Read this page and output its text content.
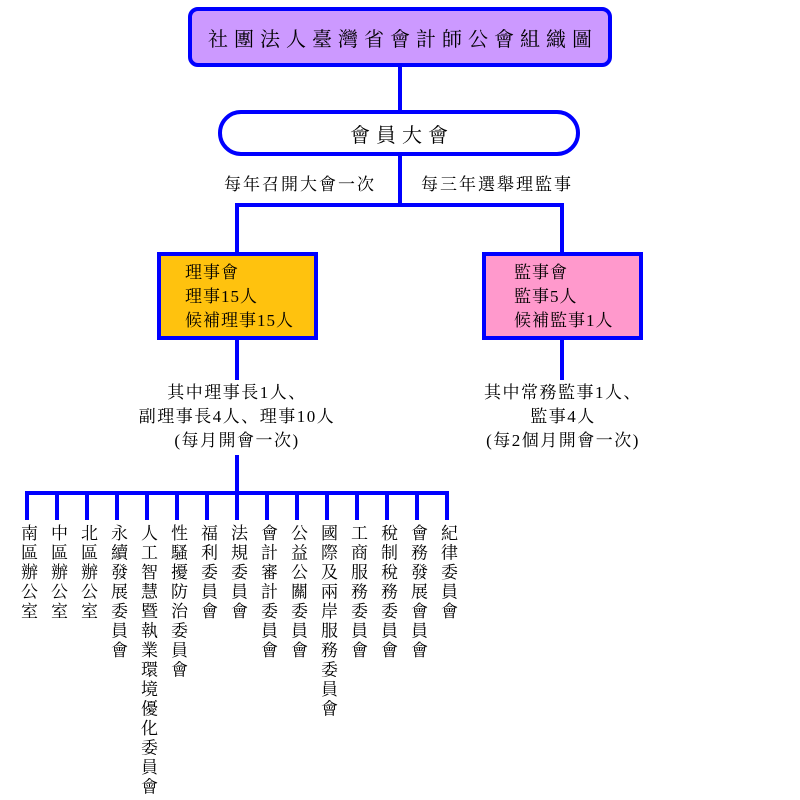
社團法人臺灣省會計師公會組織圖
會員大會
每年召開大會一次	每三年選舉理監事
理事會
理事15人
候補理事15人
監事會
監事5人
候補監事1人
其中理事長1人、
副理事長4人、理事10人
(每月開會一次)
其中常務監事1人、
監事4人
(每2個月開會一次)
南區辦公室 中區辦公室 北區辦公室 永續發展委員會 人工智慧暨執業環境優化委員會 性騷擾防治委員會 福利委員會 法規委員會 會計審計委員會 公益公關委員會 國際及兩岸服務委員會 工商服務委員會 稅制稅務委員會 會務發展會員會 紀律委員會
